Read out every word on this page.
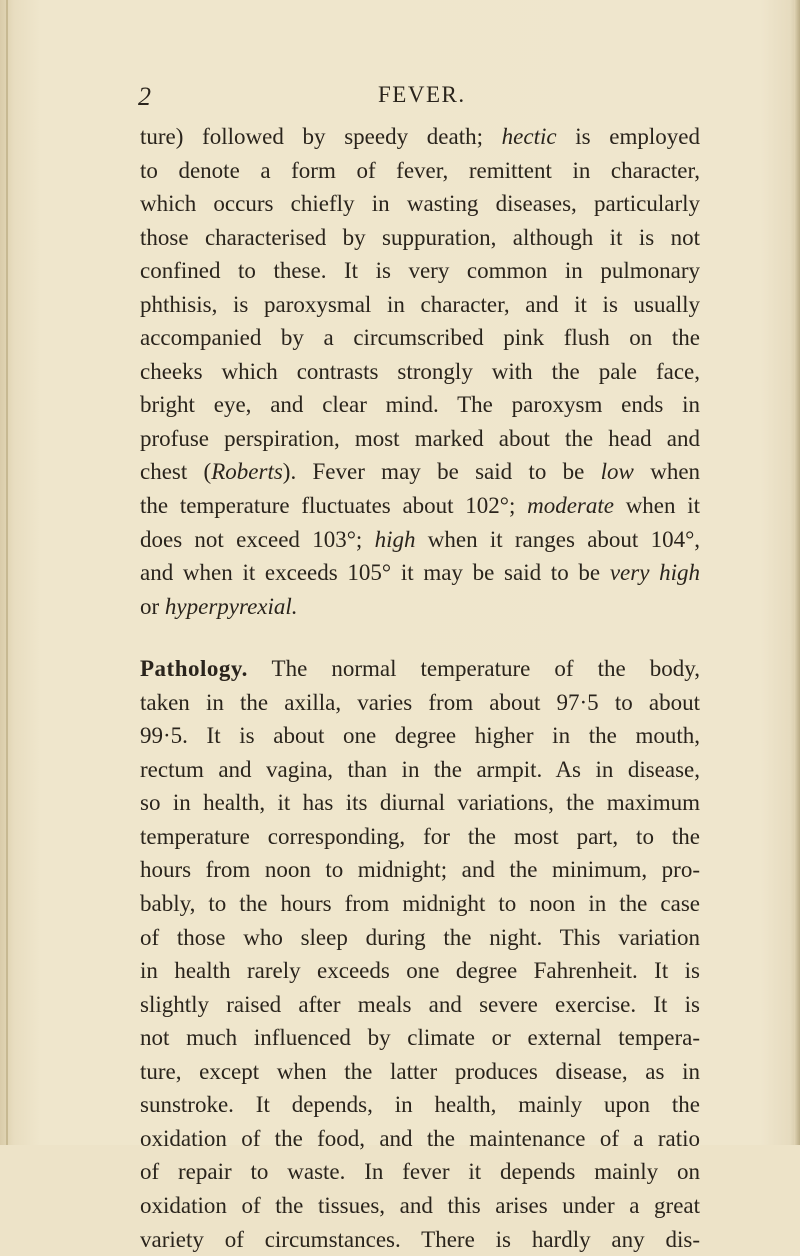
2	FEVER.
ture) followed by speedy death; hectic is employed
to denote a form of fever, remittent in character,
which occurs chiefly in wasting diseases, particularly
those characterised by suppuration, although it is not
confined to these. It is very common in pulmonary
phthisis, is paroxysmal in character, and it is usually
accompanied by a circumscribed pink flush on the
cheeks which contrasts strongly with the pale face,
bright eye, and clear mind. The paroxysm ends in
profuse perspiration, most marked about the head and
chest (Roberts). Fever may be said to be low when
the temperature fluctuates about 102°; moderate when it
does not exceed 103°; high when it ranges about 104°,
and when it exceeds 105° it may be said to be very high
or hyperpyrexial.
Pathology. The normal temperature of the body,
taken in the axilla, varies from about 97·5 to about
99·5. It is about one degree higher in the mouth,
rectum and vagina, than in the armpit. As in disease,
so in health, it has its diurnal variations, the maximum
temperature corresponding, for the most part, to the
hours from noon to midnight; and the minimum, pro-
bably, to the hours from midnight to noon in the case
of those who sleep during the night. This variation
in health rarely exceeds one degree Fahrenheit. It is
slightly raised after meals and severe exercise. It is
not much influenced by climate or external tempera-
ture, except when the latter produces disease, as in
sunstroke. It depends, in health, mainly upon the
oxidation of the food, and the maintenance of a ratio
of repair to waste. In fever it depends mainly on
oxidation of the tissues, and this arises under a great
variety of circumstances. There is hardly any dis-
